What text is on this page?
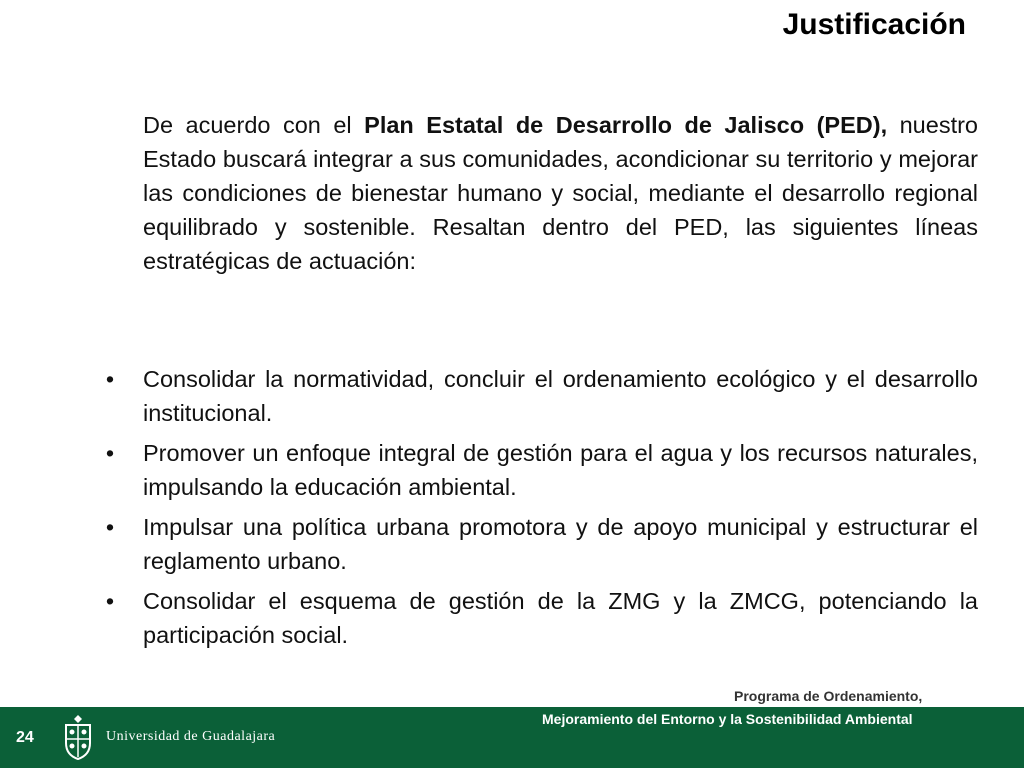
Justificación

De acuerdo con el Plan Estatal de Desarrollo de Jalisco (PED), nuestro Estado buscará integrar a sus comunidades, acondicionar su territorio y mejorar las condiciones de bienestar humano y social, mediante el desarrollo regional equilibrado y sostenible. Resaltan dentro del PED, las siguientes líneas estratégicas de actuación:

• Consolidar la normatividad, concluir el ordenamiento ecológico y el desarrollo institucional.
• Promover un enfoque integral de gestión para el agua y los recursos naturales, impulsando la educación ambiental.
• Impulsar una política urbana promotora y de apoyo municipal y estructurar el reglamento urbano.
• Consolidar el esquema de gestión de la ZMG y la ZMCG, potenciando la participación social.
Programa de Ordenamiento,
24	Universidad de Guadalajara
Mejoramiento del Entorno y la Sostenibilidad Ambiental
